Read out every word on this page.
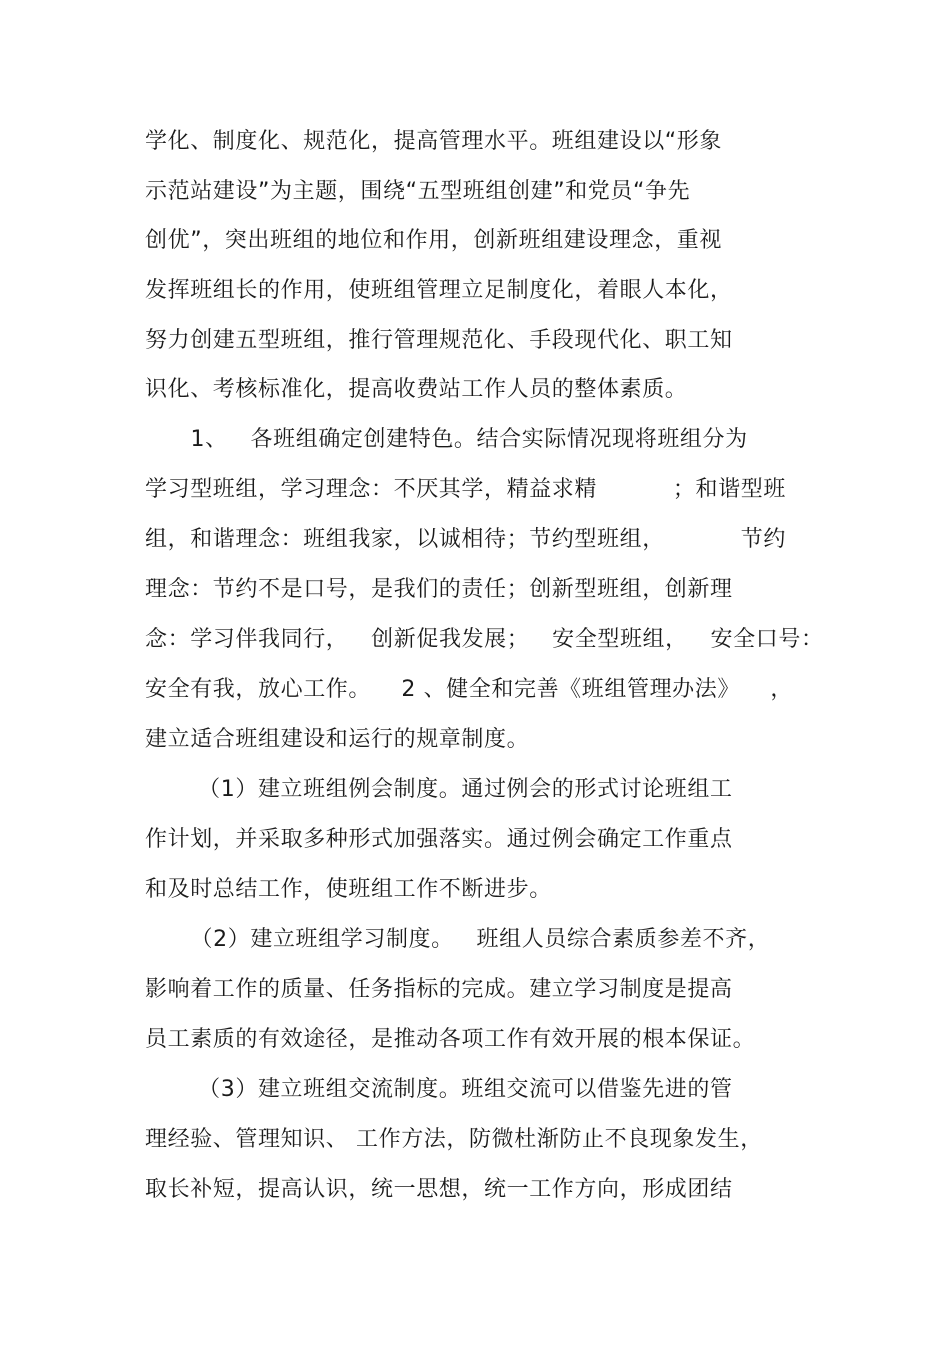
学化、制度化、规范化，提高管理水平。班组建设以“形象
示范站建设”为主题，围绕“五型班组创建”和党员“争先
创优”，突出班组的地位和作用，创新班组建设理念，重视
发挥班组长的作用，使班组管理立足制度化，着眼人本化，
努力创建五型班组，推行管理规范化、手段现代化、职工知
识化、考核标准化，提高收费站工作人员的整体素质。
1、   各班组确定创建特色。结合实际情况现将班组分为
学习型班组，学习理念：不厌其学，精益求精          ；和谐型班
组，和谐理念：班组我家，以诚相待；节约型班组，          节约
理念：节约不是口号，是我们的责任；创新型班组，创新理
念：学习伴我同行，   创新促我发展；   安全型班组，   安全口号：
安全有我，放心工作。    2 、健全和完善《班组管理办法》    ，
建立适合班组建设和运行的规章制度。
（1）建立班组例会制度。通过例会的形式讨论班组工
作计划，并采取多种形式加强落实。通过例会确定工作重点
和及时总结工作，使班组工作不断进步。
（2）建立班组学习制度。   班组人员综合素质参差不齐，
影响着工作的质量、任务指标的完成。建立学习制度是提高
员工素质的有效途径，是推动各项工作有效开展的根本保证。
（3）建立班组交流制度。班组交流可以借鉴先进的管
理经验、管理知识、 工作方法，防微杜渐防止不良现象发生，
取长补短，提高认识，统一思想，统一工作方向，形成团结
